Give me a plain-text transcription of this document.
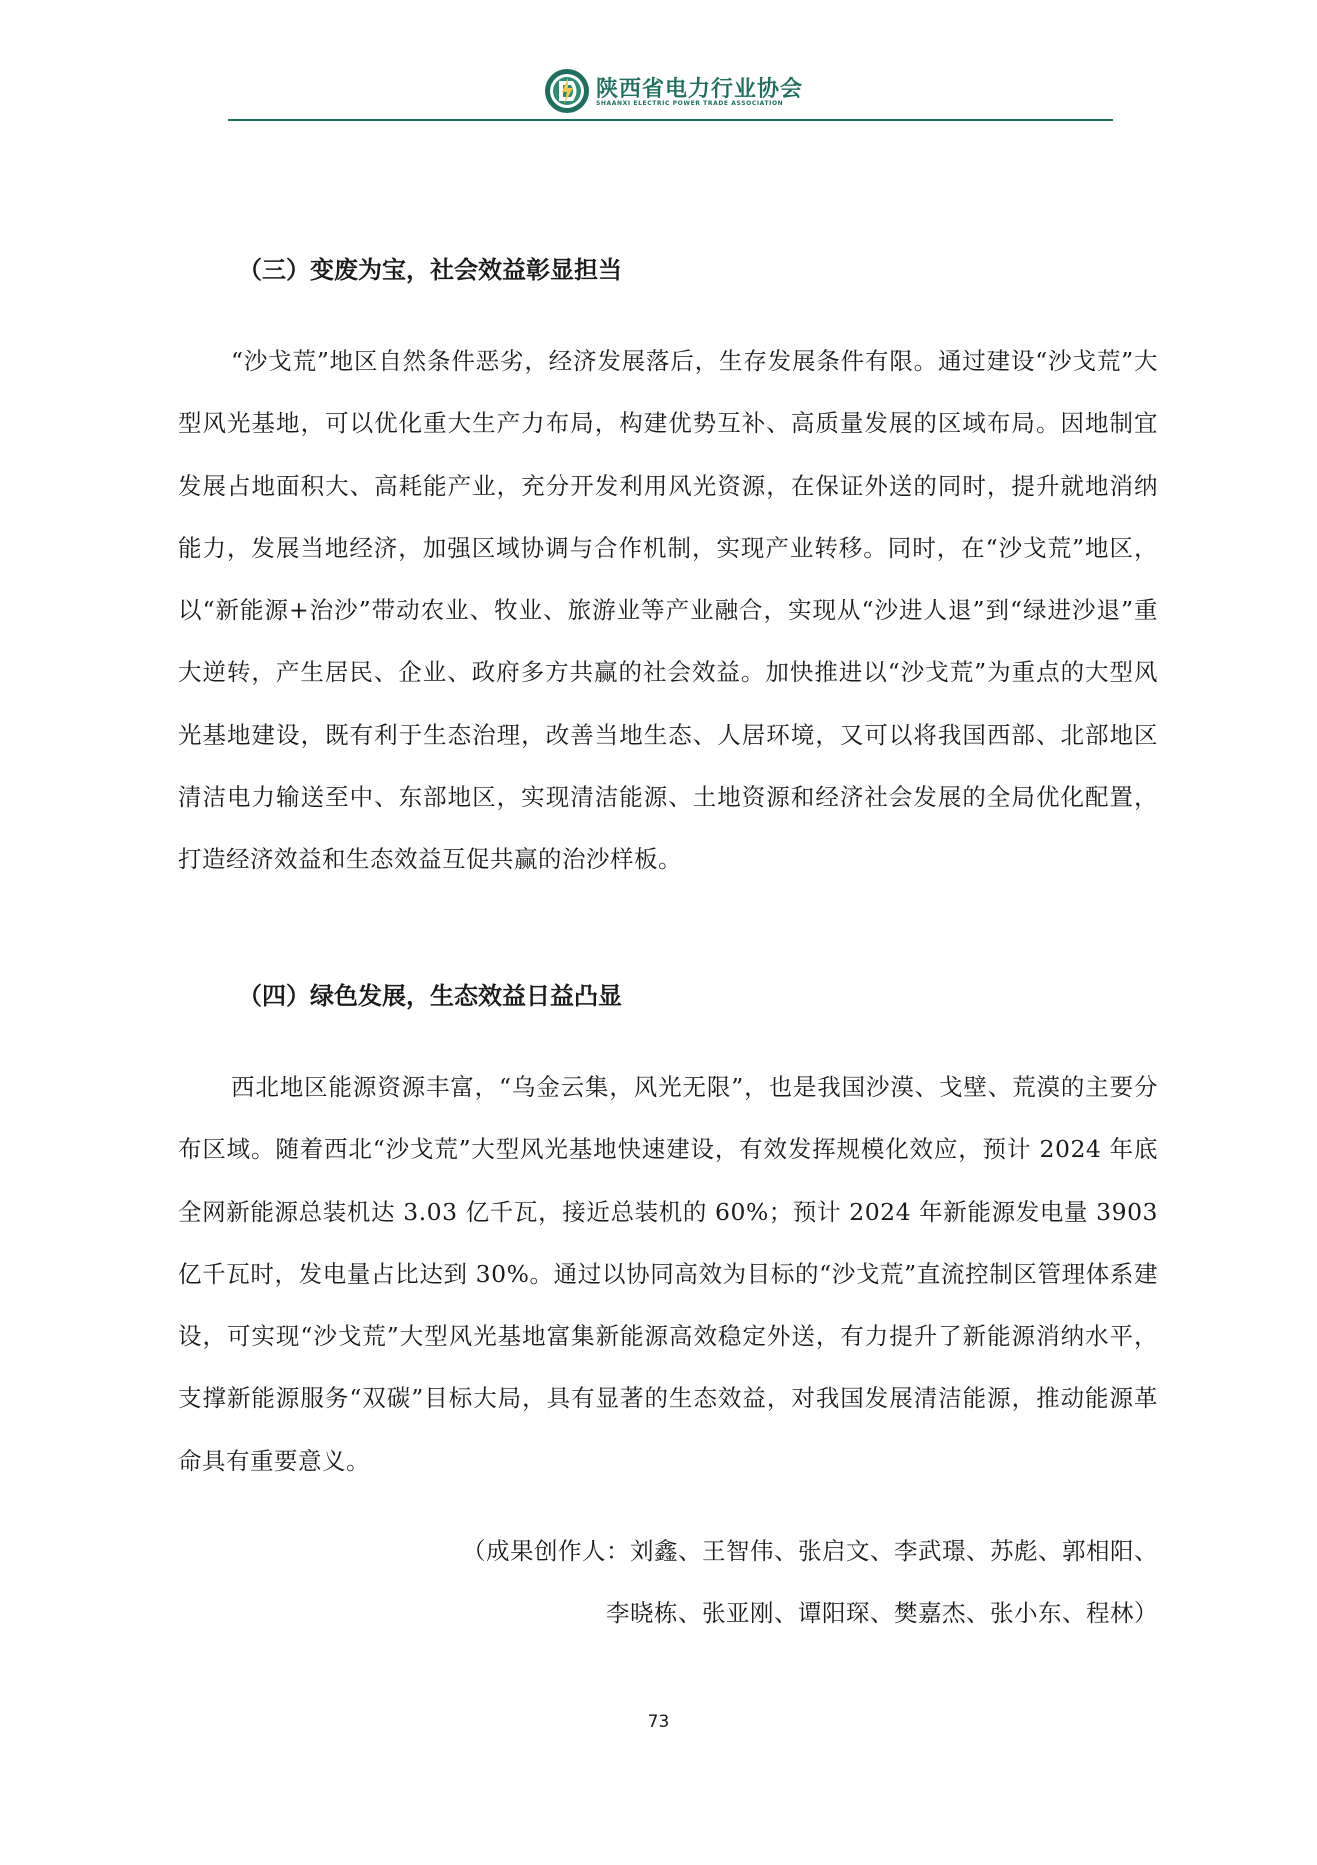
陕西省电力行业协会
SHAANXI ELECTRIC POWER TRADE ASSOCIATION
（三）变废为宝，社会效益彰显担当

“沙戈荒”地区自然条件恶劣，经济发展落后，生存发展条件有限。通过建设“沙戈荒”大型风光基地，可以优化重大生产力布局，构建优势互补、高质量发展的区域布局。因地制宜发展占地面积大、高耗能产业，充分开发利用风光资源，在保证外送的同时，提升就地消纳能力，发展当地经济，加强区域协调与合作机制，实现产业转移。同时，在“沙戈荒”地区，以“新能源+治沙”带动农业、牧业、旅游业等产业融合，实现从“沙进人退”到“绿进沙退”重大逆转，产生居民、企业、政府多方共赢的社会效益。加快推进以“沙戈荒”为重点的大型风光基地建设，既有利于生态治理，改善当地生态、人居环境，又可以将我国西部、北部地区清洁电力输送至中、东部地区，实现清洁能源、土地资源和经济社会发展的全局优化配置，打造经济效益和生态效益互促共赢的治沙样板。

（四）绿色发展，生态效益日益凸显

西北地区能源资源丰富，“乌金云集，风光无限”，也是我国沙漠、戈壁、荒漠的主要分布区域。随着西北“沙戈荒”大型风光基地快速建设，有效发挥规模化效应，预计 2024 年底全网新能源总装机达 3.03 亿千瓦，接近总装机的 60%；预计 2024 年新能源发电量 3903 亿千瓦时，发电量占比达到 30%。通过以协同高效为目标的“沙戈荒”直流控制区管理体系建设，可实现“沙戈荒”大型风光基地富集新能源高效稳定外送，有力提升了新能源消纳水平，支撑新能源服务“双碳”目标大局，具有显著的生态效益，对我国发展清洁能源，推动能源革命具有重要意义。

（成果创作人：刘鑫、王智伟、张启文、李武璟、苏彪、郭相阳、
李晓栋、张亚刚、谭阳琛、樊嘉杰、张小东、程林）
73
